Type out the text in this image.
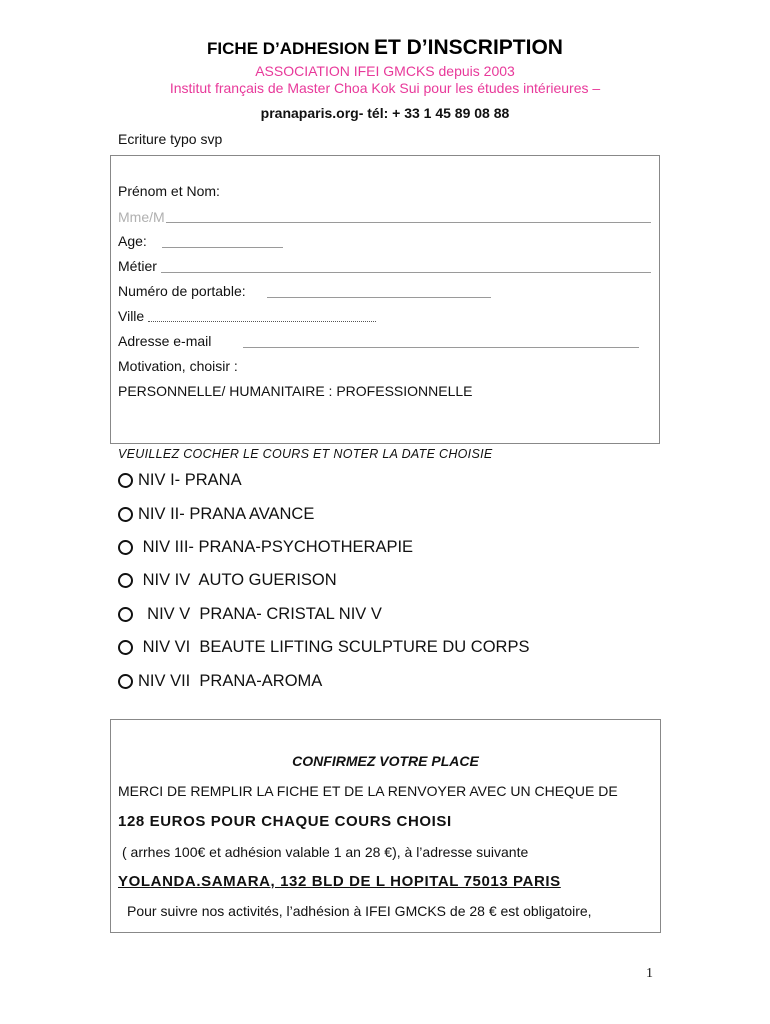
FICHE D’ADHESION ET D’INSCRIPTION
ASSOCIATION IFEI GMCKS depuis 2003
Institut français de Master Choa Kok Sui pour les études intérieures –
pranaparis.org- tél: + 33 1 45 89 08 88
Ecriture typo svp
Prénom et Nom:
Mme/M
Age:
Métier
Numéro de portable:
Ville
Adresse e-mail
Motivation, choisir :
PERSONNELLE/ HUMANITAIRE : PROFESSIONNELLE
VEUILLEZ COCHER LE COURS ET NOTER LA DATE CHOISIE
NIV I- PRANA
NIV II- PRANA AVANCE
NIV III- PRANA-PSYCHOTHERAPIE
NIV IV  AUTO GUERISON
NIV V  PRANA- CRISTAL NIV V
NIV VI  BEAUTE LIFTING SCULPTURE DU CORPS
NIV VII  PRANA-AROMA
CONFIRMEZ VOTRE PLACE
MERCI DE REMPLIR LA FICHE ET DE LA RENVOYER AVEC UN CHEQUE DE
128 EUROS POUR CHAQUE COURS CHOISI
( arrhes 100€ et adhésion valable 1 an 28 €), à l’adresse suivante
YOLANDA.SAMARA, 132 BLD DE L HOPITAL 75013 PARIS
Pour suivre nos activités, l’adhésion à IFEI GMCKS de 28 € est obligatoire,
1
